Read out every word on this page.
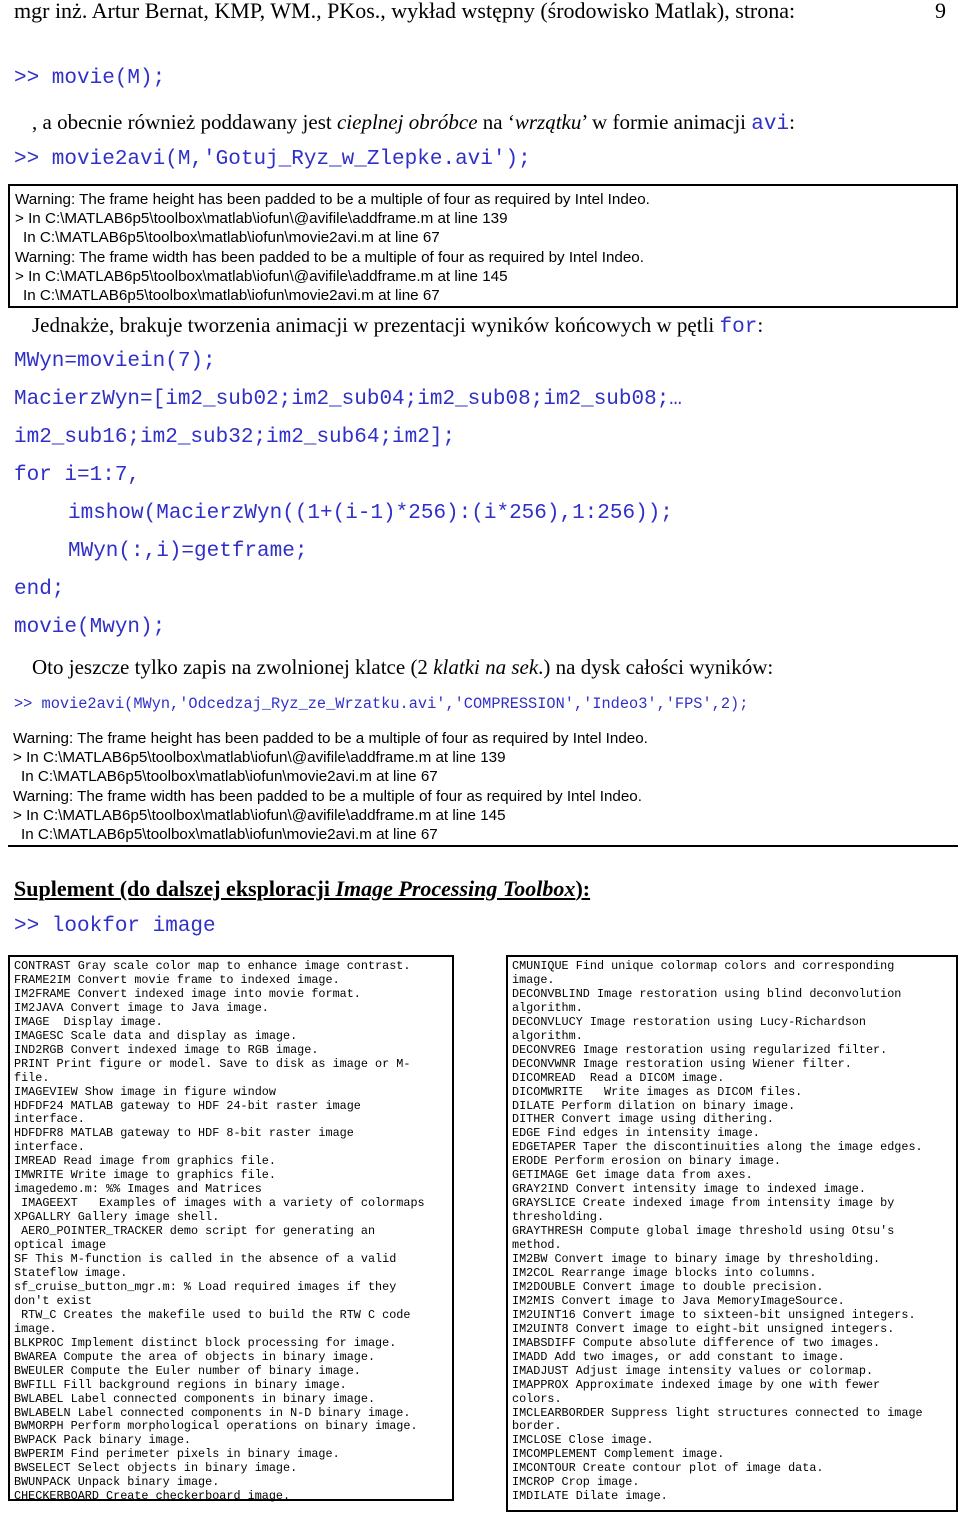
mgr inż. Artur Bernat, KMP, WM., PKos., wykład wstępny (środowisko Matlak), strona:	9
>> movie(M);
, a obecnie również poddawany jest cieplnej obróbce na ‘wrzątku’ w formie animacji avi:
>> movie2avi(M,'Gotuj_Ryz_w_Zlepke.avi');
Warning: The frame height has been padded to be a multiple of four as required by Intel Indeo.
> In C:\MATLAB6p5\toolbox\matlab\iofun\@avifile\addframe.m at line 139
In C:\MATLAB6p5\toolbox\matlab\iofun\movie2avi.m at line 67
Warning: The frame width has been padded to be a multiple of four as required by Intel Indeo.
> In C:\MATLAB6p5\toolbox\matlab\iofun\@avifile\addframe.m at line 145
In C:\MATLAB6p5\toolbox\matlab\iofun\movie2avi.m at line 67
Jednakże, brakuje tworzenia animacji w prezentacji wyników końcowych w pętli for:
MWyn=moviein(7);
MacierzWyn=[im2_sub02;im2_sub04;im2_sub08;im2_sub08;…
im2_sub16;im2_sub32;im2_sub64;im2];
for i=1:7,
imshow(MacierzWyn((1+(i-1)*256):(i*256),1:256));
MWyn(:,i)=getframe;
end;
movie(Mwyn);
Oto jeszcze tylko zapis na zwolnionej klatce (2 klatki na sek.) na dysk całości wyników:
>> movie2avi(MWyn,'Odcedzaj_Ryz_ze_Wrzatku.avi','COMPRESSION','Indeo3','FPS',2);
Warning: The frame height has been padded to be a multiple of four as required by Intel Indeo.
> In C:\MATLAB6p5\toolbox\matlab\iofun\@avifile\addframe.m at line 139
In C:\MATLAB6p5\toolbox\matlab\iofun\movie2avi.m at line 67
Warning: The frame width has been padded to be a multiple of four as required by Intel Indeo.
> In C:\MATLAB6p5\toolbox\matlab\iofun\@avifile\addframe.m at line 145
In C:\MATLAB6p5\toolbox\matlab\iofun\movie2avi.m at line 67
Suplement (do dalszej eksploracji Image Processing Toolbox):
>> lookfor image
CONTRAST Gray scale color map to enhance image contrast.
FRAME2IM Convert movie frame to indexed image.
IM2FRAME Convert indexed image into movie format.
IM2JAVA Convert image to Java image.
IMAGE  Display image.
IMAGESC Scale data and display as image.
IND2RGB Convert indexed image to RGB image.
PRINT Print figure or model. Save to disk as image or M-
file.
IMAGEVIEW Show image in figure window
HDFDF24 MATLAB gateway to HDF 24-bit raster image
interface.
HDFDFR8 MATLAB gateway to HDF 8-bit raster image
interface.
IMREAD Read image from graphics file.
IMWRITE Write image to graphics file.
imagedemo.m: %% Images and Matrices
IMAGEEXT   Examples of images with a variety of colormaps
XPGALLRY Gallery image shell.
AERO_POINTER_TRACKER demo script for generating an
optical image
SF This M-function is called in the absence of a valid
Stateflow image.
sf_cruise_button_mgr.m: % Load required images if they
don't exist
RTW_C Creates the makefile used to build the RTW C code
image.
BLKPROC Implement distinct block processing for image.
BWAREA Compute the area of objects in binary image.
BWEULER Compute the Euler number of binary image.
BWFILL Fill background regions in binary image.
BWLABEL Label connected components in binary image.
BWLABELN Label connected components in N-D binary image.
BWMORPH Perform morphological operations on binary image.
BWPACK Pack binary image.
BWPERIM Find perimeter pixels in binary image.
BWSELECT Select objects in binary image.
BWUNPACK Unpack binary image.
CHECKERBOARD Create checkerboard image.
CMUNIQUE Find unique colormap colors and corresponding
image.
DECONVBLIND Image restoration using blind deconvolution
algorithm.
DECONVLUCY Image restoration using Lucy-Richardson
algorithm.
DECONVREG Image restoration using regularized filter.
DECONVWNR Image restoration using Wiener filter.
DICOMREAD  Read a DICOM image.
DICOMWRITE   Write images as DICOM files.
DILATE Perform dilation on binary image.
DITHER Convert image using dithering.
EDGE Find edges in intensity image.
EDGETAPER Taper the discontinuities along the image edges.
ERODE Perform erosion on binary image.
GETIMAGE Get image data from axes.
GRAY2IND Convert intensity image to indexed image.
GRAYSLICE Create indexed image from intensity image by
thresholding.
GRAYTHRESH Compute global image threshold using Otsu's
method.
IM2BW Convert image to binary image by thresholding.
IM2COL Rearrange image blocks into columns.
IM2DOUBLE Convert image to double precision.
IM2MIS Convert image to Java MemoryImageSource.
IM2UINT16 Convert image to sixteen-bit unsigned integers.
IM2UINT8 Convert image to eight-bit unsigned integers.
IMABSDIFF Compute absolute difference of two images.
IMADD Add two images, or add constant to image.
IMADJUST Adjust image intensity values or colormap.
IMAPPROX Approximate indexed image by one with fewer
colors.
IMCLEARBORDER Suppress light structures connected to image
border.
IMCLOSE Close image.
IMCOMPLEMENT Complement image.
IMCONTOUR Create contour plot of image data.
IMCROP Crop image.
IMDILATE Dilate image.
